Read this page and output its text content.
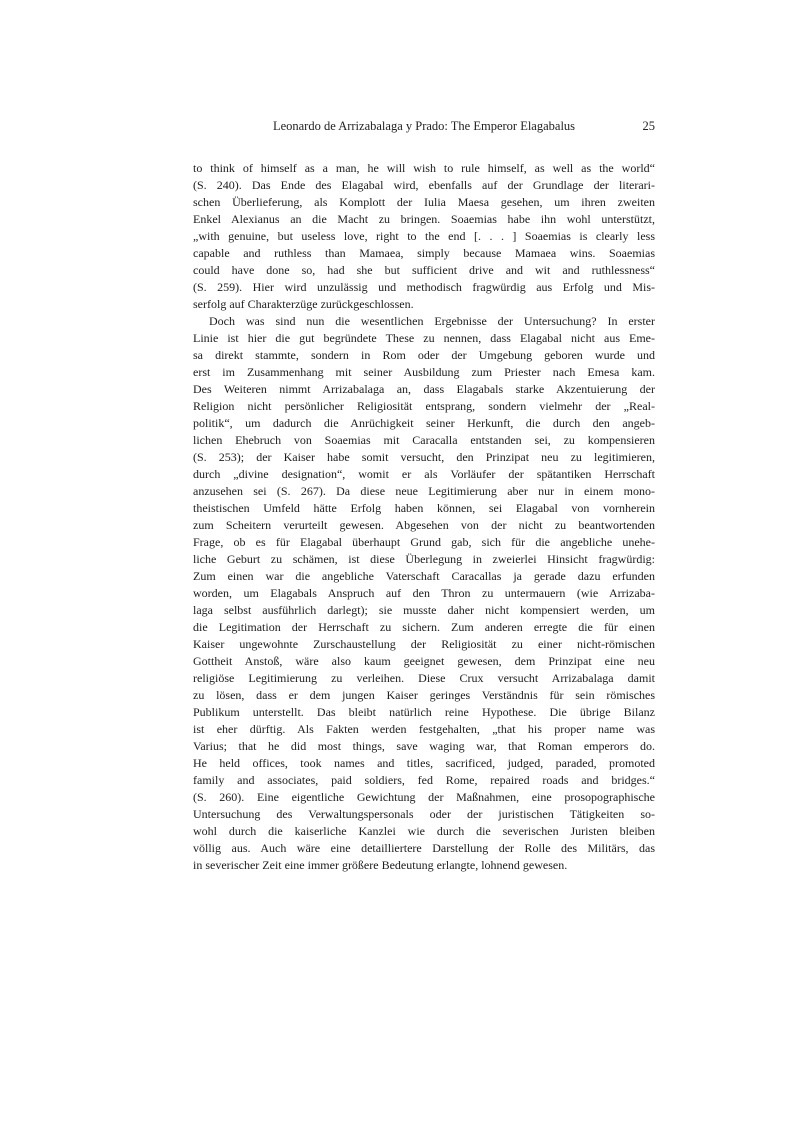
Leonardo de Arrizabalaga y Prado: The Emperor Elagabalus	25
to think of himself as a man, he will wish to rule himself, as well as the world“
(S. 240). Das Ende des Elagabal wird, ebenfalls auf der Grundlage der literari-
schen Überlieferung, als Komplott der Iulia Maesa gesehen, um ihren zweiten
Enkel Alexianus an die Macht zu bringen. Soaemias habe ihn wohl unterstützt,
„with genuine, but useless love, right to the end [. . . ] Soaemias is clearly less
capable and ruthless than Mamaea, simply because Mamaea wins. Soaemias
could have done so, had she but sufficient drive and wit and ruthlessness“
(S. 259). Hier wird unzulässig und methodisch fragwürdig aus Erfolg und Mis-
serfolg auf Charakterzüge zurückgeschlossen.
Doch was sind nun die wesentlichen Ergebnisse der Untersuchung? In erster
Linie ist hier die gut begründete These zu nennen, dass Elagabal nicht aus Eme-
sa direkt stammte, sondern in Rom oder der Umgebung geboren wurde und
erst im Zusammenhang mit seiner Ausbildung zum Priester nach Emesa kam.
Des Weiteren nimmt Arrizabalaga an, dass Elagabals starke Akzentuierung der
Religion nicht persönlicher Religiosität entsprang, sondern vielmehr der „Real-
politik“, um dadurch die Anrüchigkeit seiner Herkunft, die durch den angeb-
lichen Ehebruch von Soaemias mit Caracalla entstanden sei, zu kompensieren
(S. 253); der Kaiser habe somit versucht, den Prinzipat neu zu legitimieren,
durch „divine designation“, womit er als Vorläufer der spätantiken Herrschaft
anzusehen sei (S. 267). Da diese neue Legitimierung aber nur in einem mono-
theistischen Umfeld hätte Erfolg haben können, sei Elagabal von vornherein
zum Scheitern verurteilt gewesen. Abgesehen von der nicht zu beantwortenden
Frage, ob es für Elagabal überhaupt Grund gab, sich für die angebliche unehe-
liche Geburt zu schämen, ist diese Überlegung in zweierlei Hinsicht fragwürdig:
Zum einen war die angebliche Vaterschaft Caracallas ja gerade dazu erfunden
worden, um Elagabals Anspruch auf den Thron zu untermauern (wie Arrizaba-
laga selbst ausführlich darlegt); sie musste daher nicht kompensiert werden, um
die Legitimation der Herrschaft zu sichern. Zum anderen erregte die für einen
Kaiser ungewohnte Zurschaustellung der Religiosität zu einer nicht-römischen
Gottheit Anstoß, wäre also kaum geeignet gewesen, dem Prinzipat eine neu
religiöse Legitimierung zu verleihen. Diese Crux versucht Arrizabalaga damit
zu lösen, dass er dem jungen Kaiser geringes Verständnis für sein römisches
Publikum unterstellt. Das bleibt natürlich reine Hypothese. Die übrige Bilanz
ist eher dürftig. Als Fakten werden festgehalten, „that his proper name was
Varius; that he did most things, save waging war, that Roman emperors do.
He held offices, took names and titles, sacrificed, judged, paraded, promoted
family and associates, paid soldiers, fed Rome, repaired roads and bridges.“
(S. 260). Eine eigentliche Gewichtung der Maßnahmen, eine prosopographische
Untersuchung des Verwaltungspersonals oder der juristischen Tätigkeiten so-
wohl durch die kaiserliche Kanzlei wie durch die severischen Juristen bleiben
völlig aus. Auch wäre eine detailliertere Darstellung der Rolle des Militärs, das
in severischer Zeit eine immer größere Bedeutung erlangte, lohnend gewesen.
